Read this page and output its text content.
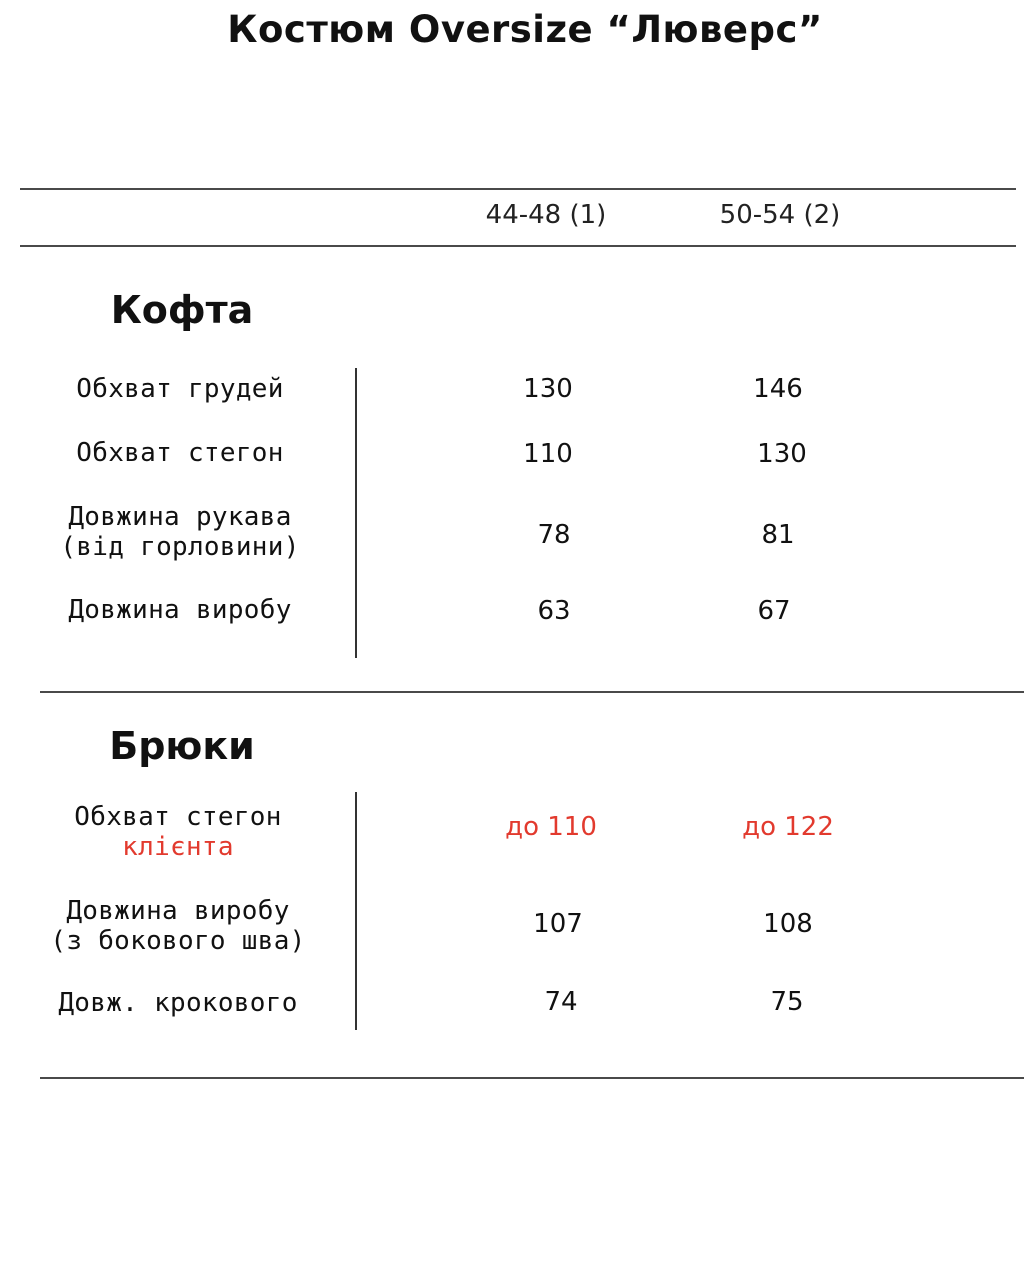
Костюм Oversize “Люверс”
44-48 (1)	50-54 (2)
Кофта
Обхват грудей	130	146
Обхват стегон	110	130
Довжина рукава
(від горловини)	78	81
Довжина виробу	63	67
Брюки
Обхват стегон
клієнта
до 110	до 122
Довжина виробу
(з бокового шва)
107	108
Довж. крокового	74	75
